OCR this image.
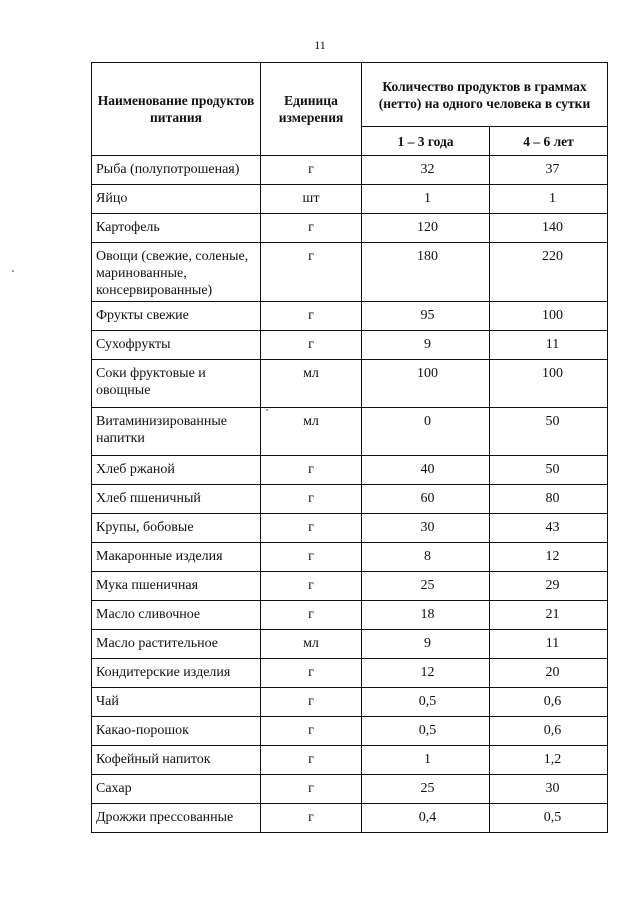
11
Наименование продуктов питания	Единица измерения	Количество продуктов в граммах (нетто) на одного человека в сутки	
		1 – 3 года	4 – 6 лет
Рыба (полупотрошеная)	г	32	37
Яйцо	шт	1	1
Картофель	г	120	140
Овощи (свежие, соленые, маринованные, консервированные)	г	180	220
Фрукты свежие	г	95	100
Сухофрукты	г	9	11
Соки фруктовые и овощные	мл	100	100
Витаминизированные напитки	мл	0	50
Хлеб ржаной	г	40	50
Хлеб пшеничный	г	60	80
Крупы, бобовые	г	30	43
Макаронные изделия	г	8	12
Мука пшеничная	г	25	29
Масло сливочное	г	18	21
Масло растительное	мл	9	11
Кондитерские изделия	г	12	20
Чай	г	0,5	0,6
Какао-порошок	г	0,5	0,6
Кофейный напиток	г	1	1,2
Сахар	г	25	30
Дрожжи прессованные	г	0,4	0,5
